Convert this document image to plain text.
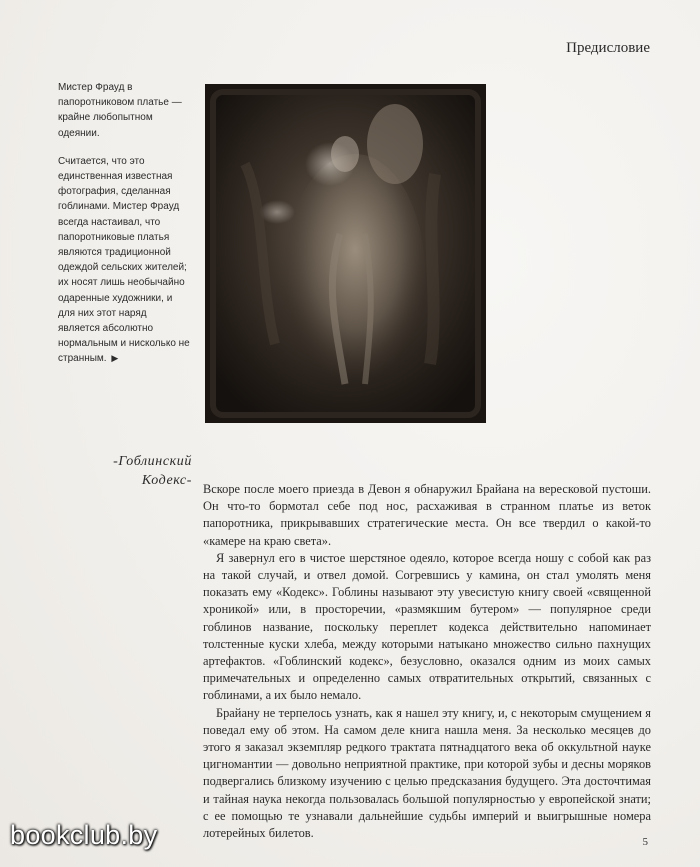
Предисловие

Мистер Фрауд в папоротниковом платье — крайне любопытном одеянии.

Считается, что это единственная известная фотография, сделанная гоблинами. Мистер Фрауд всегда настаивал, что папоротниковые платья являются традиционной одеждой сельских жителей; их носят лишь необычайно одаренные художники, и для них этот наряд является абсолютно нормальным и нисколько не странным. ▶

-Гоблинский
Кодекс-

Вскоре после моего приезда в Девон я обнаружил Брайана на вересковой пустоши. Он что-то бормотал себе под нос, расхаживая в странном платье из веток папоротника, прикрывавших стратегические места. Он все твердил о какой-то «камере на краю света».

Я завернул его в чистое шерстяное одеяло, которое всегда ношу с собой как раз на такой случай, и отвел домой. Согревшись у камина, он стал умолять меня показать ему «Кодекс». Гоблины называют эту увесистую книгу своей «священной хроникой» или, в просторечии, «размякшим бутером» — популярное среди гоблинов название, поскольку переплет кодекса действительно напоминает толстенные куски хлеба, между которыми натыкано множество сильно пахнущих артефактов. «Гоблинский кодекс», безусловно, оказался одним из моих самых примечательных и определенно самых отвратительных открытий, связанных с гоблинами, а их было немало.

Брайану не терпелось узнать, как я нашел эту книгу, и, с некоторым смущением я поведал ему об этом. На самом деле книга нашла меня. За несколько месяцев до этого я заказал экземпляр редкого трактата пятнадцатого века об оккультной науке цигномантии — довольно неприятной практике, при которой зубы и десны моряков подвергались близкому изучению с целью предсказания будущего. Эта досточтимая и тайная наука некогда пользовалась большой популярностью у европейской знати; с ее помощью те узнавали дальнейшие судьбы империй и выигрышные номера лотерейных билетов.

5
bookclub.by
